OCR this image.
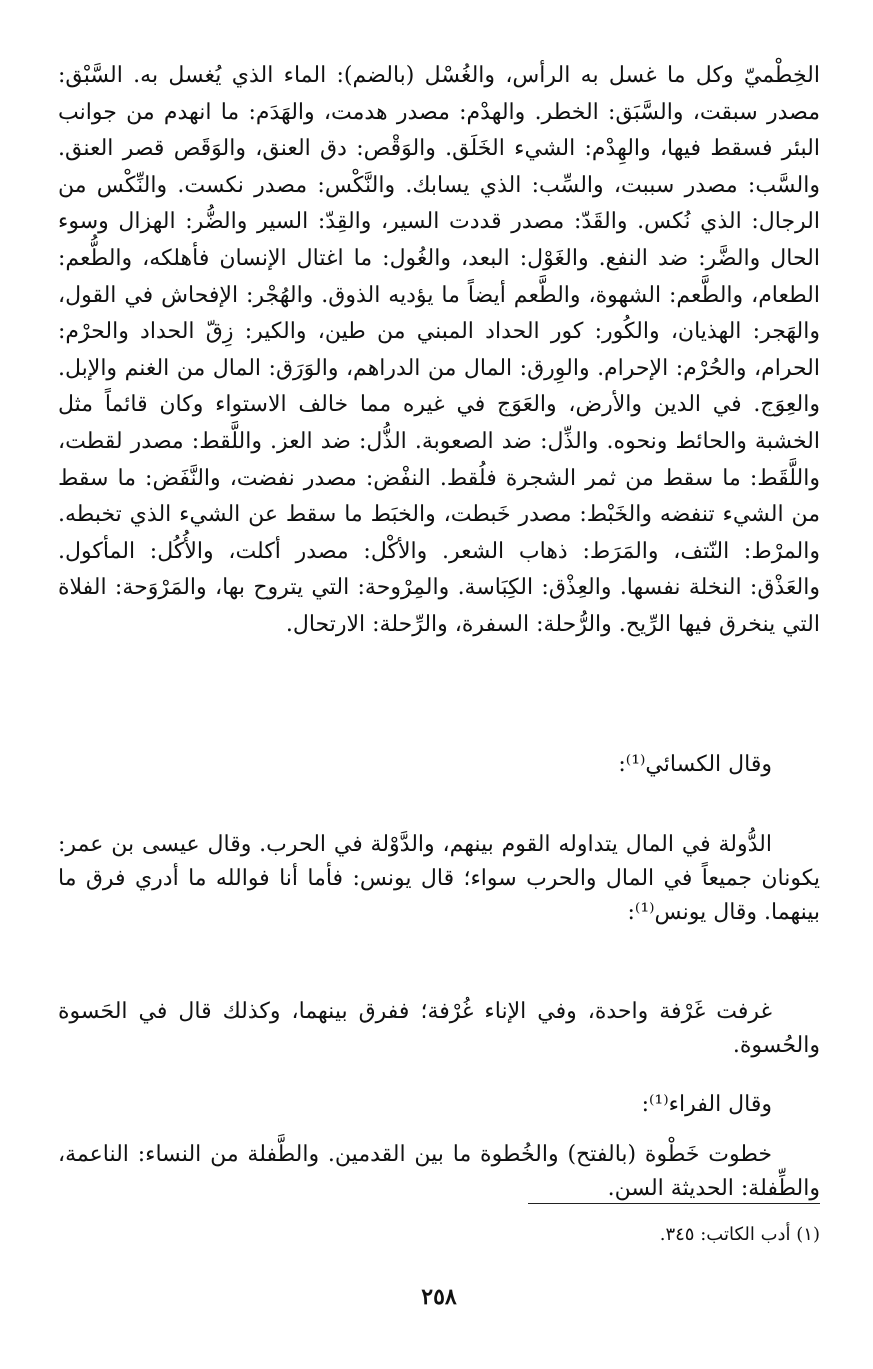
الخِطْميّ وكل ما غسل به الرأس، والغُسْل (بالضم): الماء الذي يُغسل به. السَّبْق: مصدر سبقت، والسَّبَق: الخطر. والهدْم: مصدر هدمت، والهَدَم: ما انهدم من جوانب البئر فسقط فيها، والهِدْم: الشيء الخَلَق. والوَقْص: دق العنق، والوَقَص قصر العنق. والسَّب: مصدر سببت، والسِّب: الذي يسابك. والنَّكْس: مصدر نكست. والنِّكْس من الرجال: الذي نُكس. والقَدّ: مصدر قددت السير، والقِدّ: السير والضُّر: الهزال وسوء الحال والضَّر: ضد النفع. والغَوْل: البعد، والغُول: ما اغتال الإنسان فأهلكه، والطُّعم: الطعام، والطَّعم: الشهوة، والطَّعم أيضاً ما يؤديه الذوق. والهُجْر: الإفحاش في القول، والهَجر: الهذيان، والكُور: كور الحداد المبني من طين، والكير: زِقّ الحداد والحرْم: الحرام، والحُرْم: الإحرام. والوِرق: المال من الدراهم، والوَرَق: المال من الغنم والإبل. والعِوَج. في الدين والأرض، والعَوَج في غيره مما خالف الاستواء وكان قائماً مثل الخشبة والحائط ونحوه. والذِّل: ضد الصعوبة. الذُّل: ضد العز. واللَّقط: مصدر لقطت، واللَّقَط: ما سقط من ثمر الشجرة فلُقط. النفْض: مصدر نفضت، والنَّفَض: ما سقط من الشيء تنفضه والخَبْط: مصدر خَبطت، والخبَط ما سقط عن الشيء الذي تخبطه. والمرْط: النّتف، والمَرَط: ذهاب الشعر. والأكْل: مصدر أكلت، والأُكُل: المأكول. والعَذْق: النخلة نفسها. والعِذْق: الكِبَاسة. والمِرْوحة: التي يتروح بها، والمَرْوَحة: الفلاة التي ينخرق فيها الرِّيح. والرُّحلة: السفرة، والرِّحلة: الارتحال.

وقال الكسائي⁽¹⁾:

الدُّولة في المال يتداوله القوم بينهم، والدَّوْلة في الحرب. وقال عيسى بن عمر: يكونان جميعاً في المال والحرب سواء؛ قال يونس: فأما أنا فوالله ما أدري فرق ما بينهما. وقال يونس⁽¹⁾:

غرفت غَرْفة واحدة، وفي الإناء غُرْفة؛ ففرق بينهما، وكذلك قال في الحَسوة والحُسوة.

وقال الفراء⁽¹⁾:

خطوت خَطْوة (بالفتح) والخُطوة ما بين القدمين. والطَّفلة من النساء: الناعمة، والطِّفلة: الحديثة السن.

(١) أدب الكاتب: ٣٤٥.

٢٥٨
